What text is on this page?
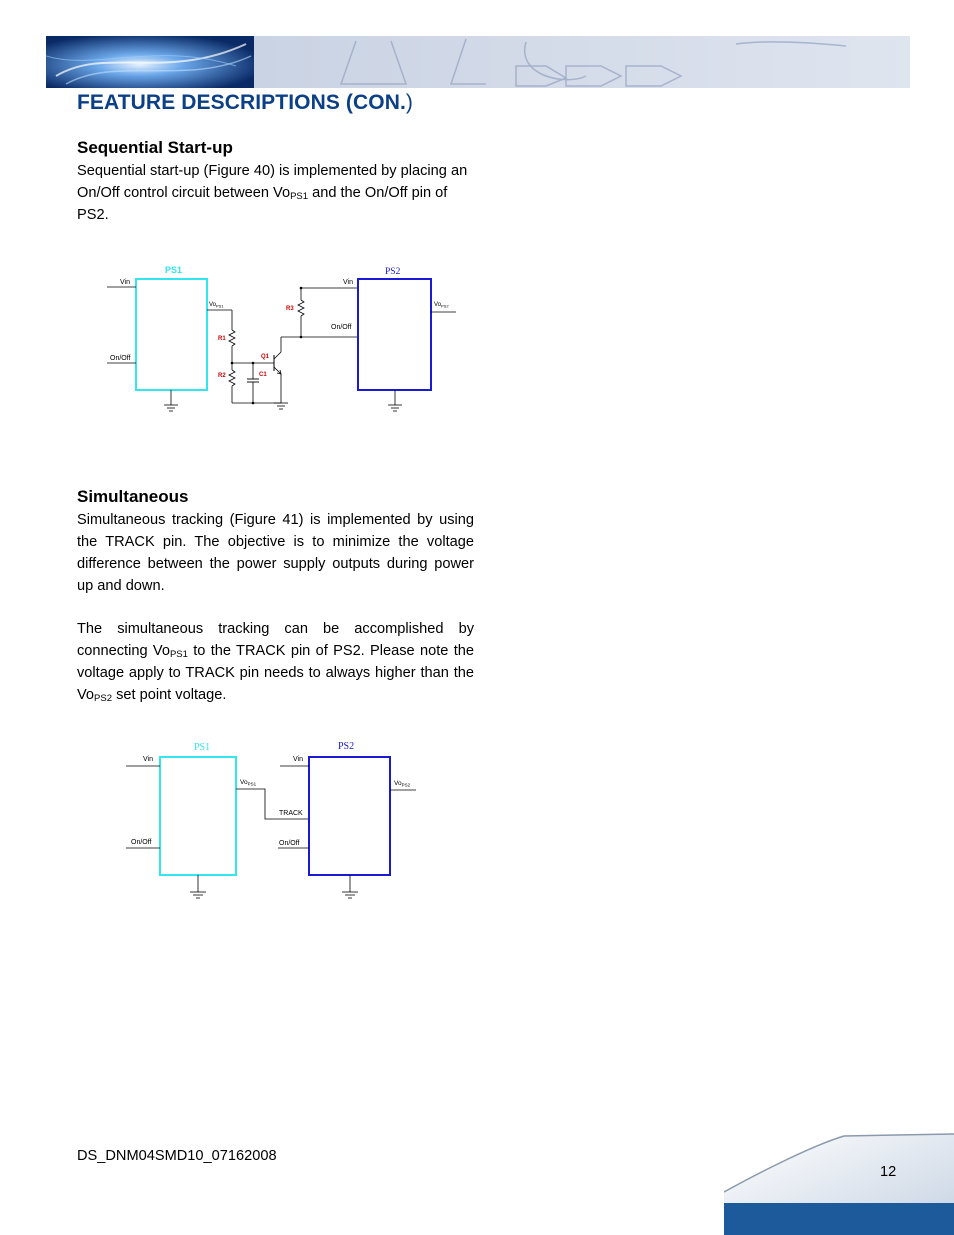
FEATURE DESCRIPTIONS (CON.)
Sequential Start-up

Sequential start-up (Figure 40) is implemented by placing an On/Off control circuit between $Vo_{PS1}$ and the On/Off pin of PS2.

PS1
Vin
On/Off
$Vo_{PS1}$
R1
R2	C1
Q1
R3
PS2
Vin
On/Off
$Vo_{PS2}$
Simultaneous

Simultaneous tracking (Figure 41) is implemented by using the TRACK pin. The objective is to minimize the voltage difference between the power supply outputs during power up and down.

The simultaneous tracking can be accomplished by connecting $Vo_{PS1}$ to the TRACK pin of PS2. Please note the voltage apply to TRACK pin needs to always higher than the $Vo_{PS2}$ set point voltage.

PS1
Vin
On/Off
$Vo_{PS1}$
PS2
Vin
TRACK
On/Off
$Vo_{PS2}$
DS_DNM04SMD10_07162008
12
